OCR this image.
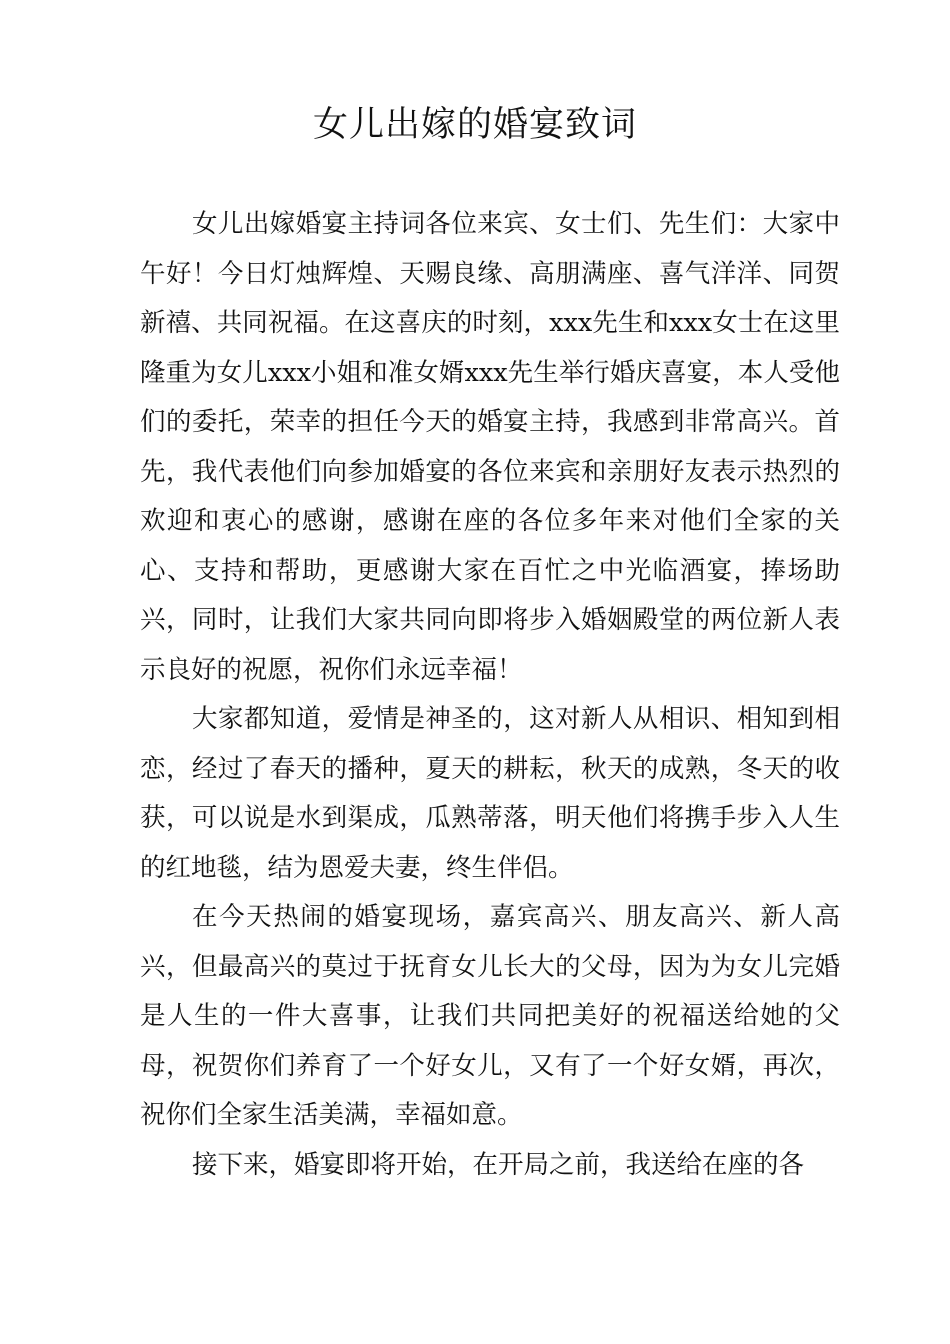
女儿出嫁的婚宴致词

女儿出嫁婚宴主持词各位来宾、女士们、先生们：大家中午好！今日灯烛辉煌、天赐良缘、高朋满座、喜气洋洋、同贺新禧、共同祝福。在这喜庆的时刻，xxx先生和xxx女士在这里隆重为女儿xxx小姐和准女婿xxx先生举行婚庆喜宴，本人受他们的委托，荣幸的担任今天的婚宴主持，我感到非常高兴。首先，我代表他们向参加婚宴的各位来宾和亲朋好友表示热烈的欢迎和衷心的感谢，感谢在座的各位多年来对他们全家的关心、支持和帮助，更感谢大家在百忙之中光临酒宴，捧场助兴，同时，让我们大家共同向即将步入婚姻殿堂的两位新人表示良好的祝愿，祝你们永远幸福！

大家都知道，爱情是神圣的，这对新人从相识、相知到相恋，经过了春天的播种，夏天的耕耘，秋天的成熟，冬天的收获，可以说是水到渠成，瓜熟蒂落，明天他们将携手步入人生的红地毯，结为恩爱夫妻，终生伴侣。

在今天热闹的婚宴现场，嘉宾高兴、朋友高兴、新人高兴，但最高兴的莫过于抚育女儿长大的父母，因为为女儿完婚是人生的一件大喜事，让我们共同把美好的祝福送给她的父母，祝贺你们养育了一个好女儿，又有了一个好女婿，再次，祝你们全家生活美满，幸福如意。

接下来，婚宴即将开始，在开局之前，我送给在座的各
